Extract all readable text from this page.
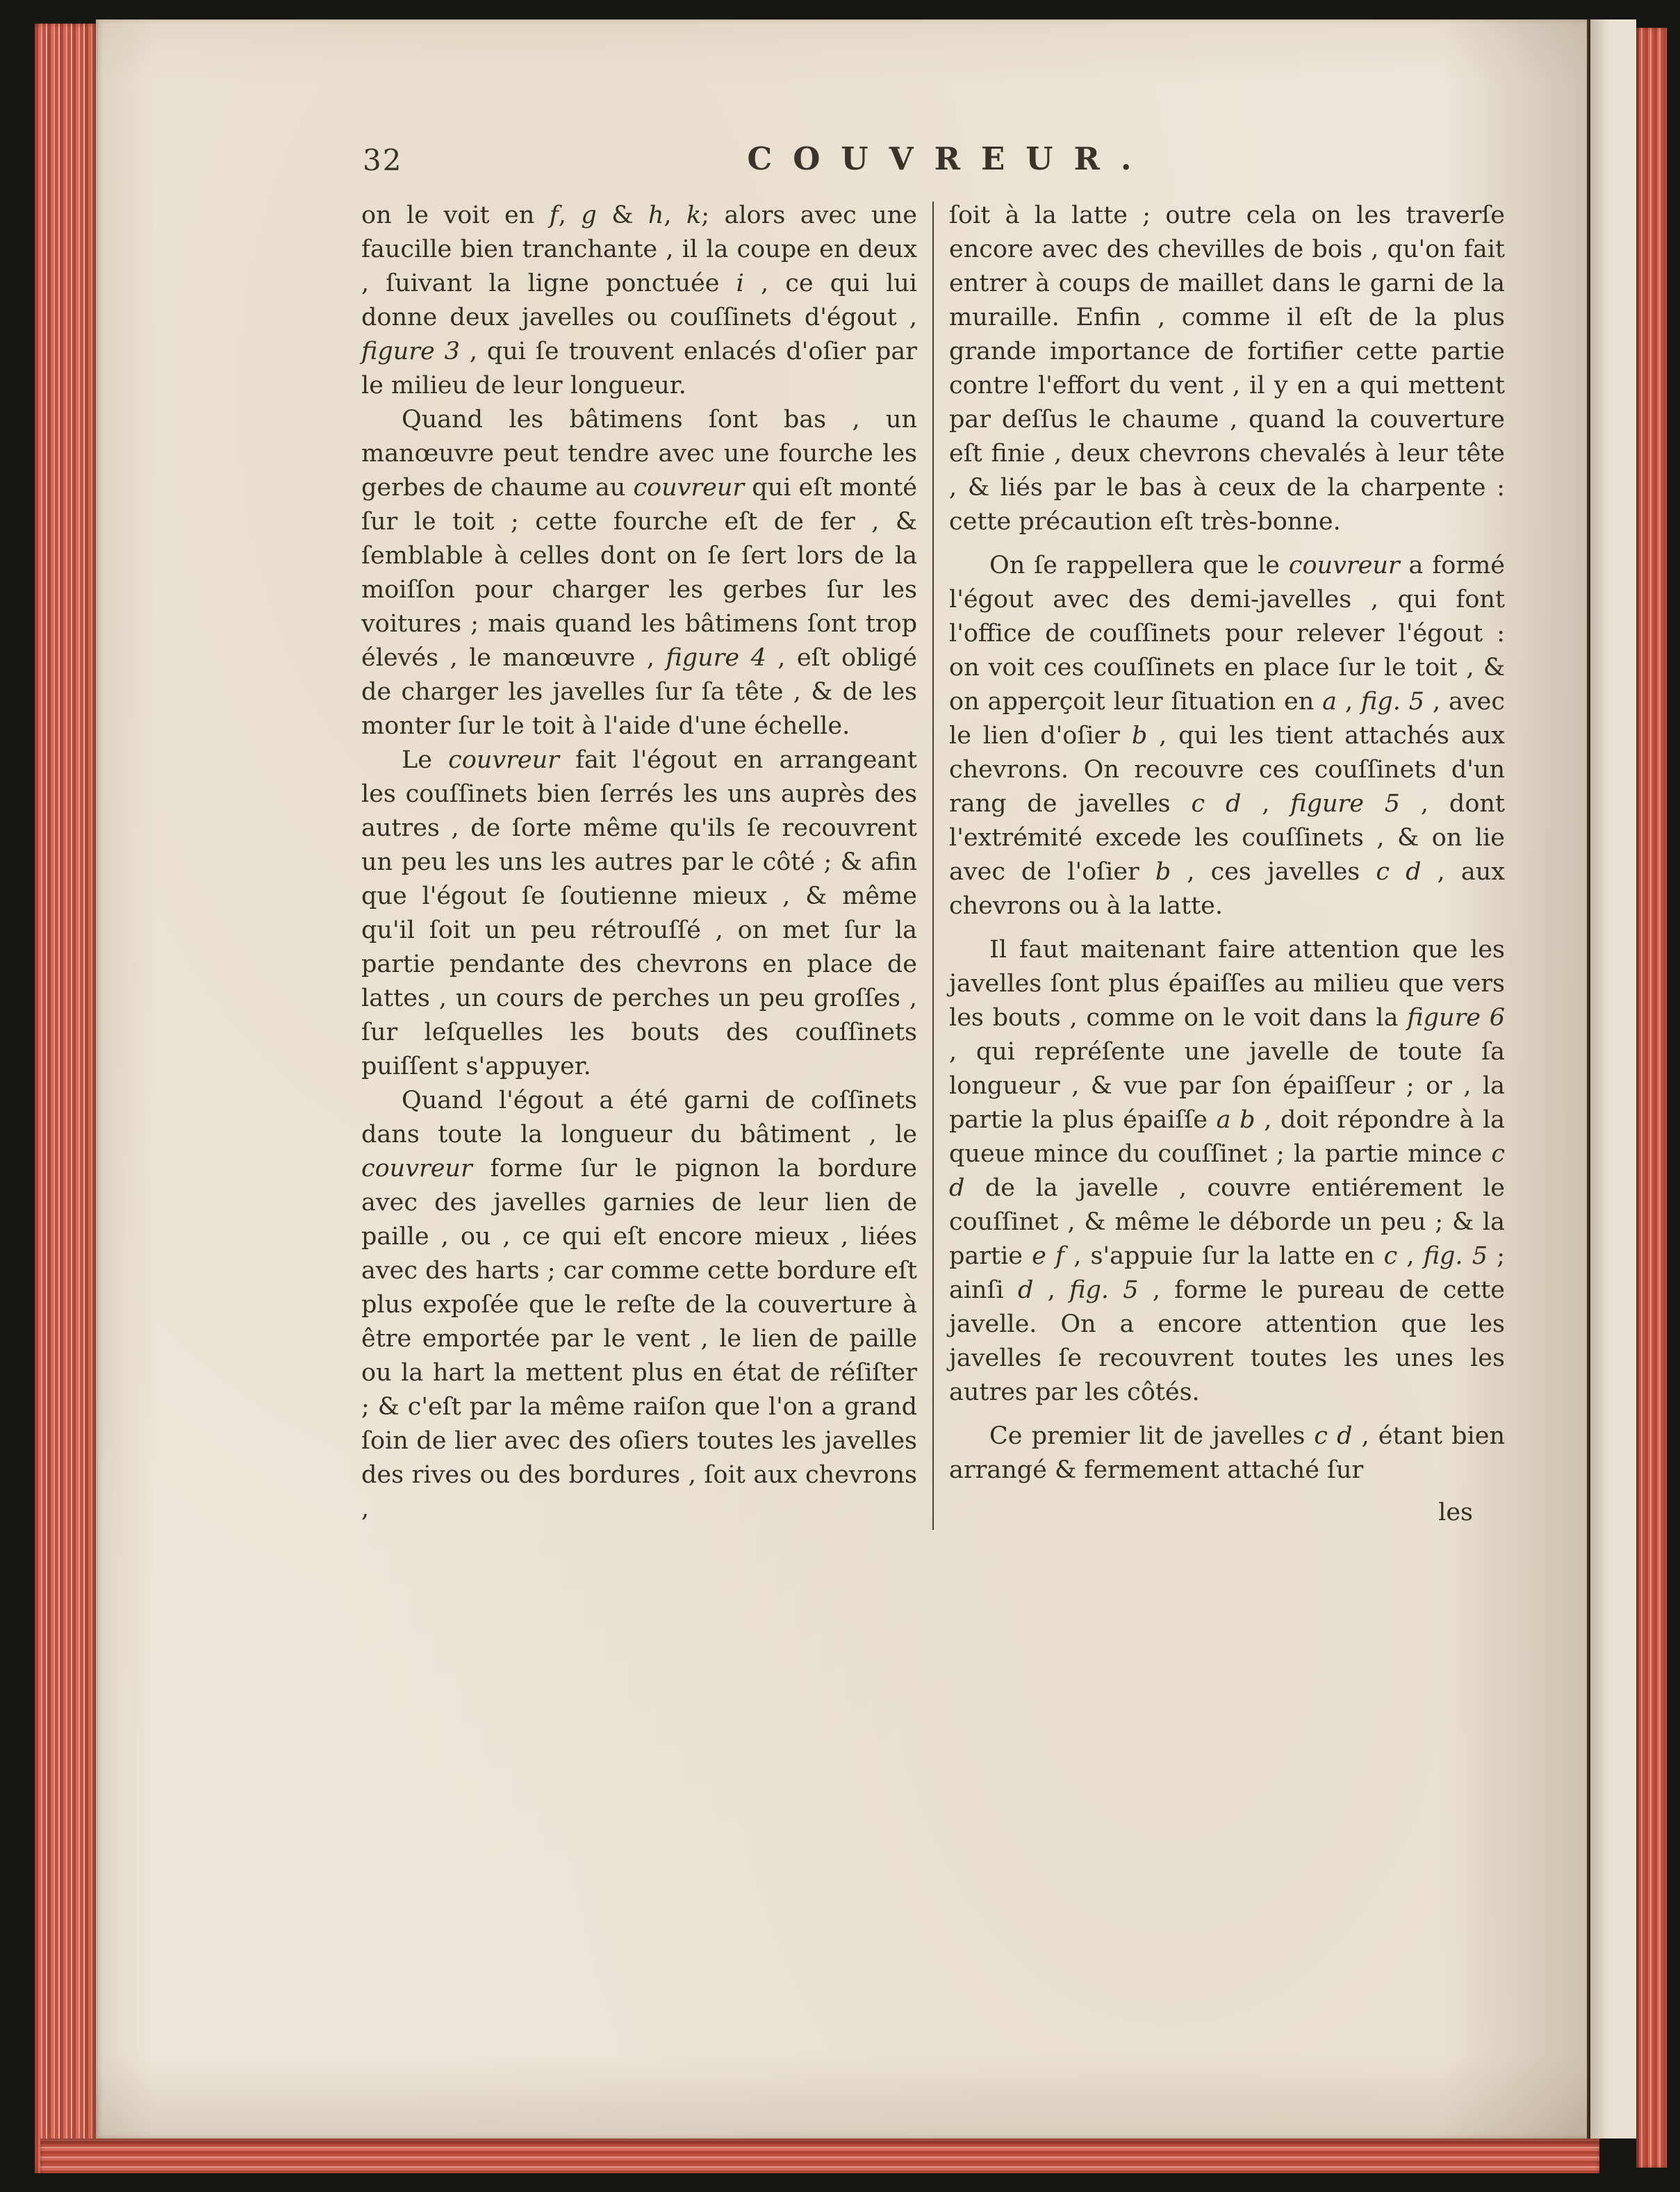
32	COUVREUR.

on le voit en f, g & h, k; alors avec une faucille bien tranchante , il la coupe en deux , ſuivant la ligne ponctuée i , ce qui lui donne deux javelles ou couſſinets d'égout , figure 3 , qui ſe trouvent enlacés d'oſier par le milieu de leur longueur.

Quand les bâtimens ſont bas , un manœuvre peut tendre avec une fourche les gerbes de chaume au couvreur qui eſt monté ſur le toit ; cette fourche eſt de fer , & ſemblable à celles dont on ſe ſert lors de la moiſſon pour charger les gerbes ſur les voitures ; mais quand les bâtimens ſont trop élevés , le manœuvre , figure 4 , eſt obligé de charger les javelles ſur ſa tête , & de les monter ſur le toit à l'aide d'une échelle.

Le couvreur fait l'égout en arrangeant les couſſinets bien ſerrés les uns auprès des autres , de ſorte même qu'ils ſe recouvrent un peu les uns les autres par le côté ; & afin que l'égout ſe ſoutienne mieux , & même qu'il ſoit un peu rétrouſſé , on met ſur la partie pendante des chevrons en place de lattes , un cours de perches un peu groſſes , ſur leſquelles les bouts des couſſinets puiſſent s'appuyer.

Quand l'égout a été garni de coſſinets dans toute la longueur du bâtiment , le couvreur forme ſur le pignon la bordure avec des javelles garnies de leur lien de paille , ou , ce qui eſt encore mieux , liées avec des harts ; car comme cette bordure eſt plus expoſée que le reſte de la couverture à être emportée par le vent , le lien de paille ou la hart la mettent plus en état de réſiſter ; & c'eſt par la même raiſon que l'on a grand ſoin de lier avec des oſiers toutes les javelles des rives ou des bordures , ſoit aux chevrons ,

ſoit à la latte ; outre cela on les traverſe encore avec des chevilles de bois , qu'on fait entrer à coups de maillet dans le garni de la muraille. Enfin , comme il eſt de la plus grande importance de fortifier cette partie contre l'effort du vent , il y en a qui mettent par deſſus le chaume , quand la couverture eſt finie , deux chevrons chevalés à leur tête , & liés par le bas à ceux de la charpente : cette précaution eſt très-bonne.

On ſe rappellera que le couvreur a formé l'égout avec des demi-javelles , qui font l'office de couſſinets pour relever l'égout : on voit ces couſſinets en place ſur le toit , & on apperçoit leur ſituation en a , fig. 5 , avec le lien d'oſier b , qui les tient attachés aux chevrons. On recouvre ces couſſinets d'un rang de javelles c d , figure 5 , dont l'extrémité excede les couſſinets , & on lie avec de l'oſier b , ces javelles c d , aux chevrons ou à la latte.

Il faut maitenant faire attention que les javelles ſont plus épaiſſes au milieu que vers les bouts , comme on le voit dans la figure 6 , qui repréſente une javelle de toute ſa longueur , & vue par ſon épaiſſeur ; or , la partie la plus épaiſſe a b , doit répondre à la queue mince du couſſinet ; la partie mince c d de la javelle , couvre entiérement le couſſinet , & même le déborde un peu ; & la partie e f , s'appuie ſur la latte en c , fig. 5 ; ainſi d , fig. 5 , forme le pureau de cette javelle. On a encore attention que les javelles ſe recouvrent toutes les unes les autres par les côtés.

Ce premier lit de javelles c d , étant bien arrangé & fermement attaché ſur

les
